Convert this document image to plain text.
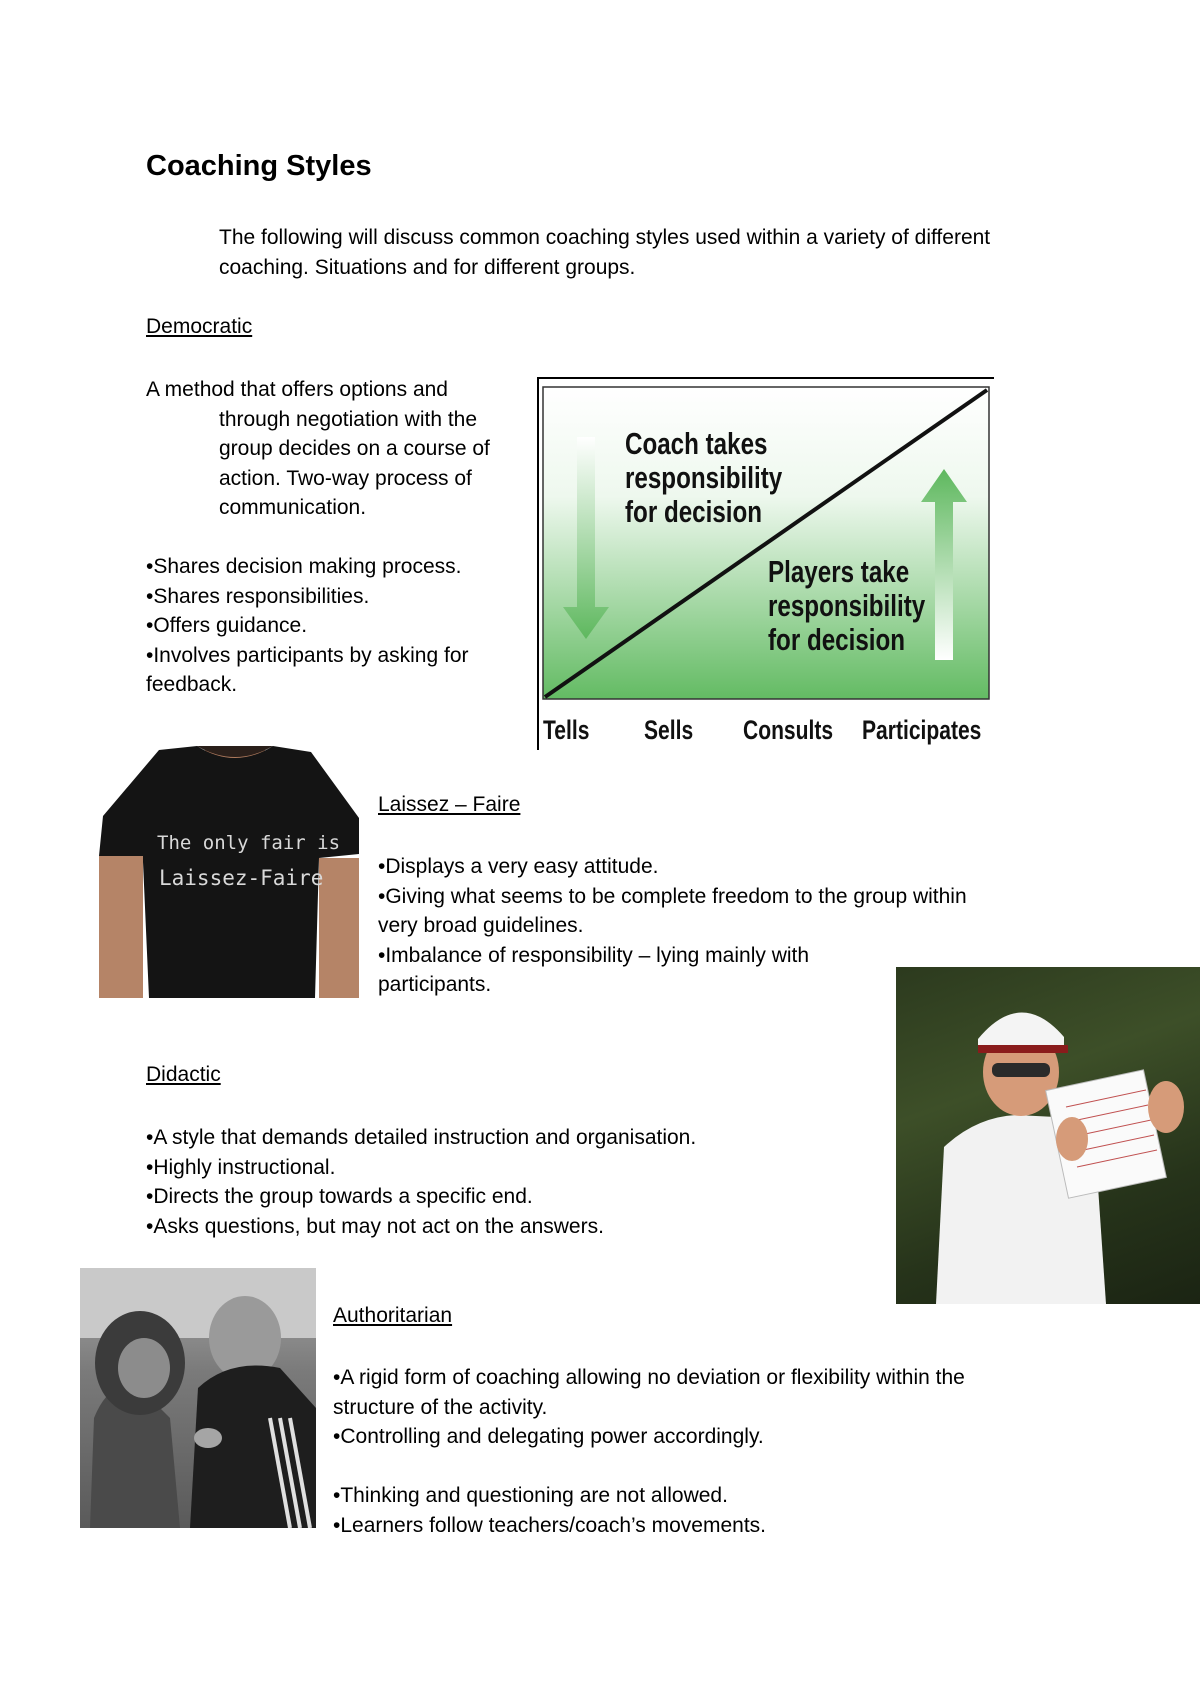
Coaching Styles
The following will discuss common coaching styles used within a variety of different
coaching. Situations and for different groups.
Democratic
A method that offers options and
through negotiation with the
group decides on a course of
action. Two-way process of
communication.
•Shares decision making process.
•Shares responsibilities.
•Offers guidance.
•Involves participants by asking for
feedback.
Coach takes
responsibility
for decision
Players take
responsibility
for decision
Tells Sells Consults Participates
The only fair is
Laissez-Faire
Laissez – Faire
•Displays a very easy attitude.
•Giving what seems to be complete freedom to the group within
very broad guidelines.
•Imbalance of responsibility – lying mainly with
participants.
Didactic
•A style that demands detailed instruction and organisation.
•Highly instructional.
•Directs the group towards a specific end.
•Asks questions, but may not act on the answers.
Authoritarian
•A rigid form of coaching allowing no deviation or flexibility within the
structure of the activity.
•Controlling and delegating power accordingly.
•Thinking and questioning are not allowed.
•Learners follow teachers/coach’s movements.
